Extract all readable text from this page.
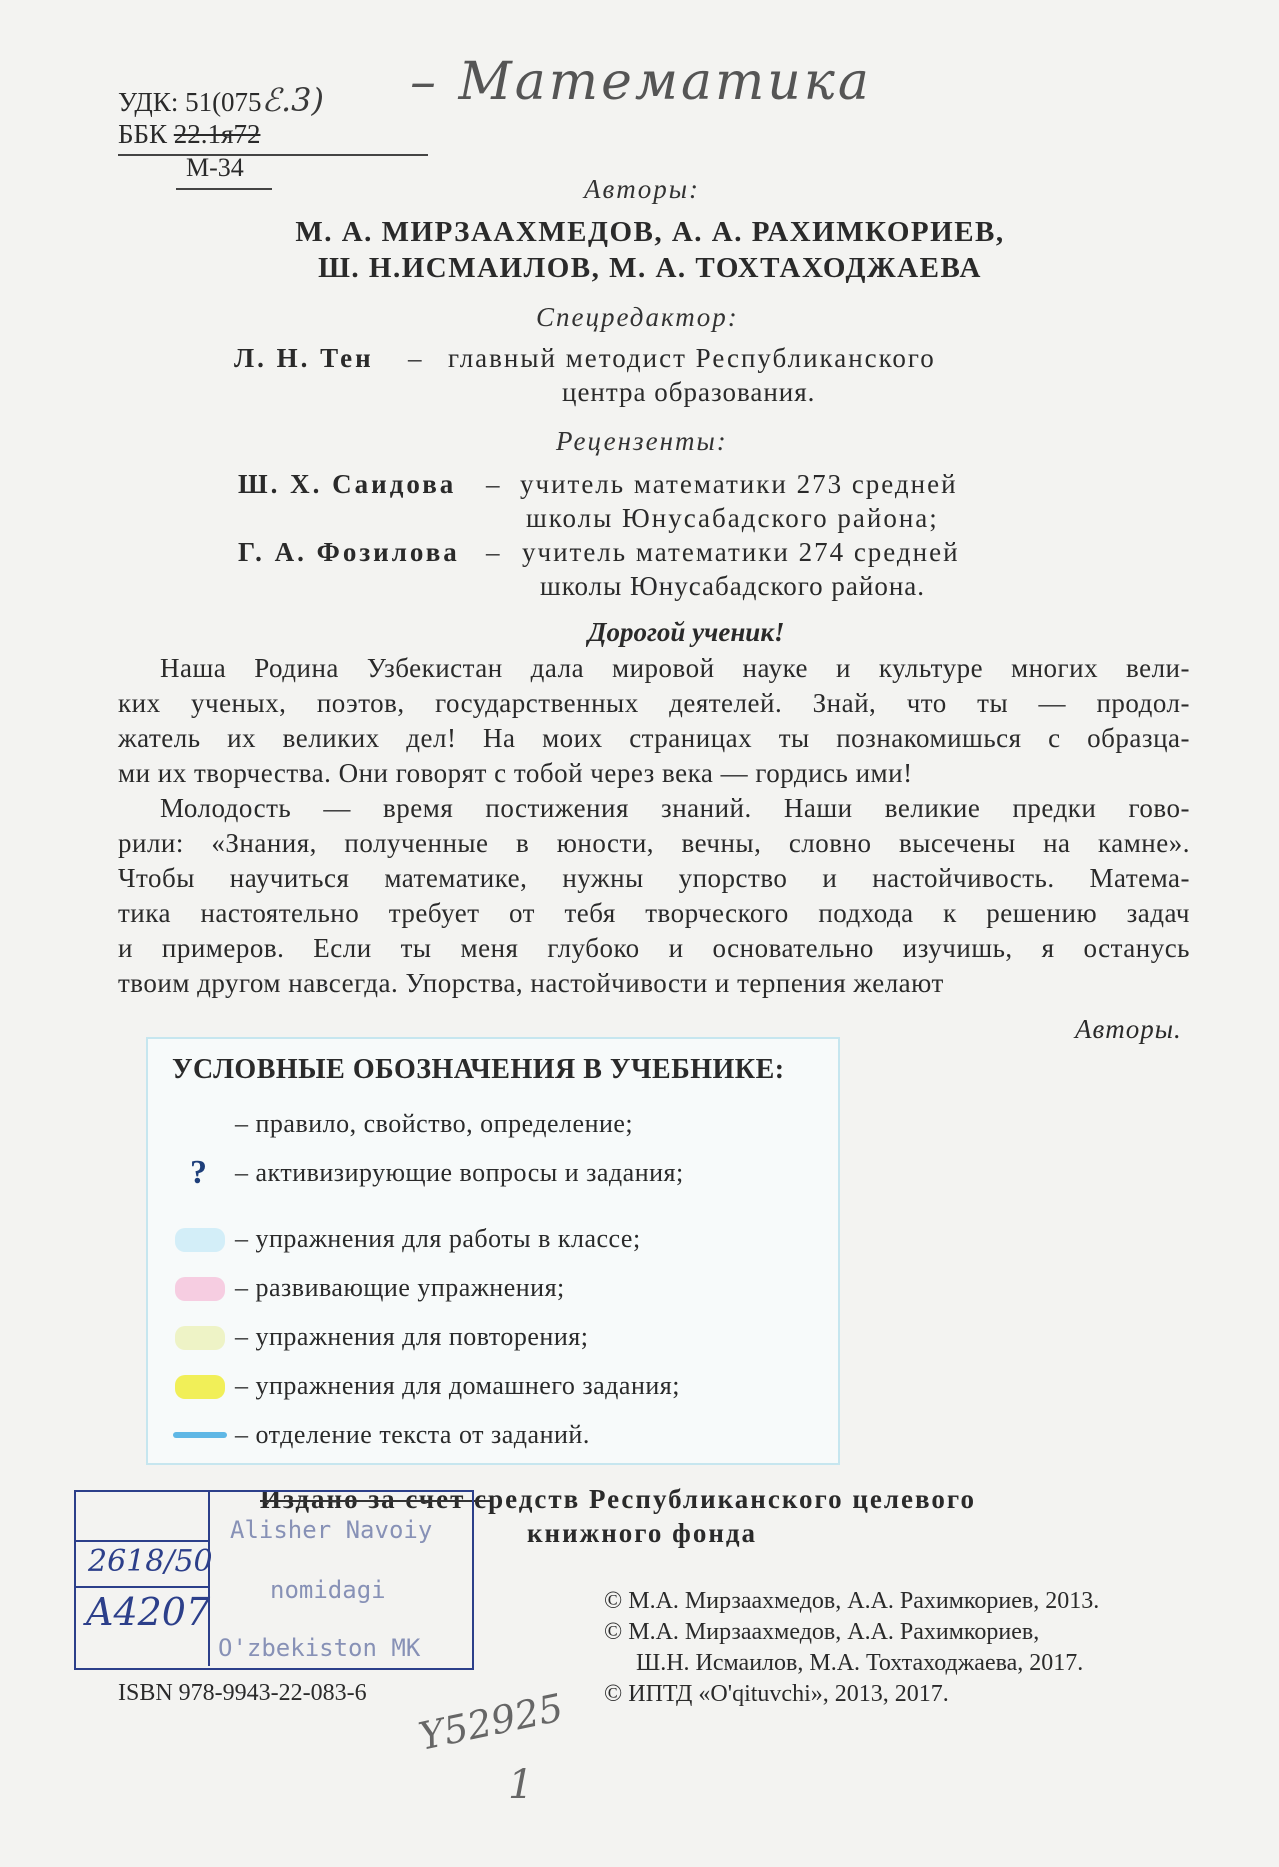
УДК: 51(075ℰ.3)
ББК 22.1я72
М-34
– Математика
Авторы:
М. А. МИРЗААХМЕДОВ, А. А. РАХИМКОРИЕВ,
Ш. Н.ИСМАИЛОВ, М. А. ТОХТАХОДЖАЕВА
Спецредактор:
Л. Н. Тен – главный методист Республиканского
центра образования.
Рецензенты:
Ш. Х. Саидова – учитель математики 273 средней
школы Юнусабадского района;
Г. А. Фозилова – учитель математики 274 средней
школы Юнусабадского района.
Дорогой ученик!

Наша Родина Узбекистан дала мировой науке и культуре многих вели-

ких ученых, поэтов, государственных деятелей. Знай, что ты — продол-

жатель их великих дел! На моих страницах ты познакомишься с образца-

ми их творчества. Они говорят с тобой через века — гордись ими!

Молодость — время постижения знаний. Наши великие предки гово-

рили: «Знания, полученные в юности, вечны, словно высечены на камне».

Чтобы научиться математике, нужны упорство и настойчивость. Матема-

тика настоятельно требует от тебя творческого подхода к решению задач

и примеров. Если ты меня глубоко и основательно изучишь, я останусь

твоим другом навсегда. Упорства, настойчивости и терпения желают

Авторы.
УСЛОВНЫЕ ОБОЗНАЧЕНИЯ В УЧЕБНИКЕ:
– правило, свойство, определение;
? – активизирующие вопросы и задания;
– упражнения для работы в классе;
– развивающие упражнения;
– упражнения для повторения;
– упражнения для домашнего задания;
– отделение текста от заданий.
Издано за счет средств Республиканского целевого
книжного фонда
2618/50
A4207
Alisher Navoiy
nomidagi
O'zbekiston MK
Y52925
1
ISBN 978-9943-22-083-6
© М.А. Мирзаахмедов, А.А. Рахимкориев, 2013.
© М.А. Мирзаахмедов, А.А. Рахимкориев,
Ш.Н. Исмаилов, М.А. Тохтаходжаева, 2017.
© ИПТД «O'qituvchi», 2013, 2017.
